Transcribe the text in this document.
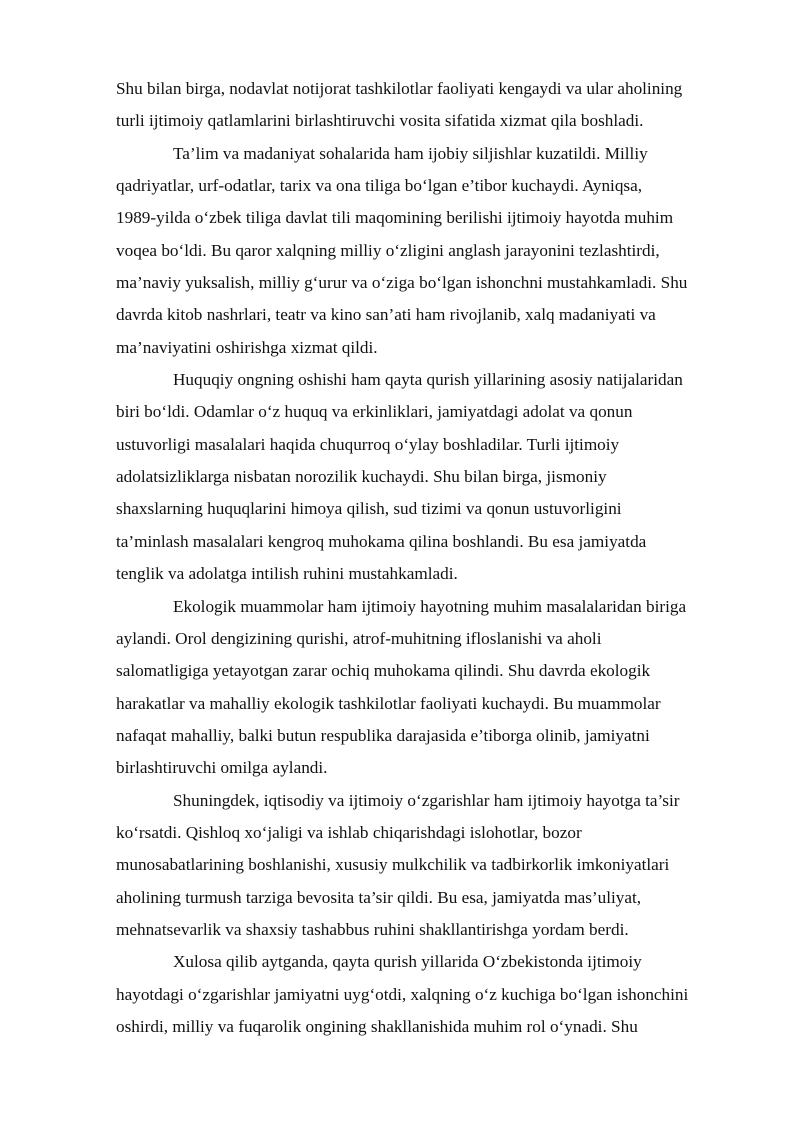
Shu bilan birga, nodavlat notijorat tashkilotlar faoliyati kengaydi va ular aholining
turli ijtimoiy qatlamlarini birlashtiruvchi vosita sifatida xizmat qila boshladi.
Ta’lim va madaniyat sohalarida ham ijobiy siljishlar kuzatildi. Milliy
qadriyatlar, urf-odatlar, tarix va ona tiliga bo‘lgan e’tibor kuchaydi. Ayniqsa,
1989-yilda o‘zbek tiliga davlat tili maqomining berilishi ijtimoiy hayotda muhim
voqea bo‘ldi. Bu qaror xalqning milliy o‘zligini anglash jarayonini tezlashtirdi,
ma’naviy yuksalish, milliy g‘urur va o‘ziga bo‘lgan ishonchni mustahkamladi. Shu
davrda kitob nashrlari, teatr va kino san’ati ham rivojlanib, xalq madaniyati va
ma’naviyatini oshirishga xizmat qildi.
Huquqiy ongning oshishi ham qayta qurish yillarining asosiy natijalaridan
biri bo‘ldi. Odamlar o‘z huquq va erkinliklari, jamiyatdagi adolat va qonun
ustuvorligi masalalari haqida chuqurroq o‘ylay boshladilar. Turli ijtimoiy
adolatsizliklarga nisbatan norozilik kuchaydi. Shu bilan birga, jismoniy
shaxslarning huquqlarini himoya qilish, sud tizimi va qonun ustuvorligini
ta’minlash masalalari kengroq muhokama qilina boshlandi. Bu esa jamiyatda
tenglik va adolatga intilish ruhini mustahkamladi.
Ekologik muammolar ham ijtimoiy hayotning muhim masalalaridan biriga
aylandi. Orol dengizining qurishi, atrof-muhitning ifloslanishi va aholi
salomatligiga yetayotgan zarar ochiq muhokama qilindi. Shu davrda ekologik
harakatlar va mahalliy ekologik tashkilotlar faoliyati kuchaydi. Bu muammolar
nafaqat mahalliy, balki butun respublika darajasida e’tiborga olinib, jamiyatni
birlashtiruvchi omilga aylandi.
Shuningdek, iqtisodiy va ijtimoiy o‘zgarishlar ham ijtimoiy hayotga ta’sir
ko‘rsatdi. Qishloq xo‘jaligi va ishlab chiqarishdagi islohotlar, bozor
munosabatlarining boshlanishi, xususiy mulkchilik va tadbirkorlik imkoniyatlari
aholining turmush tarziga bevosita ta’sir qildi. Bu esa, jamiyatda mas’uliyat,
mehnatsevarlik va shaxsiy tashabbus ruhini shakllantirishga yordam berdi.
Xulosa qilib aytganda, qayta qurish yillarida O‘zbekistonda ijtimoiy
hayotdagi o‘zgarishlar jamiyatni uyg‘otdi, xalqning o‘z kuchiga bo‘lgan ishonchini
oshirdi, milliy va fuqarolik ongining shakllanishida muhim rol o‘ynadi. Shu
